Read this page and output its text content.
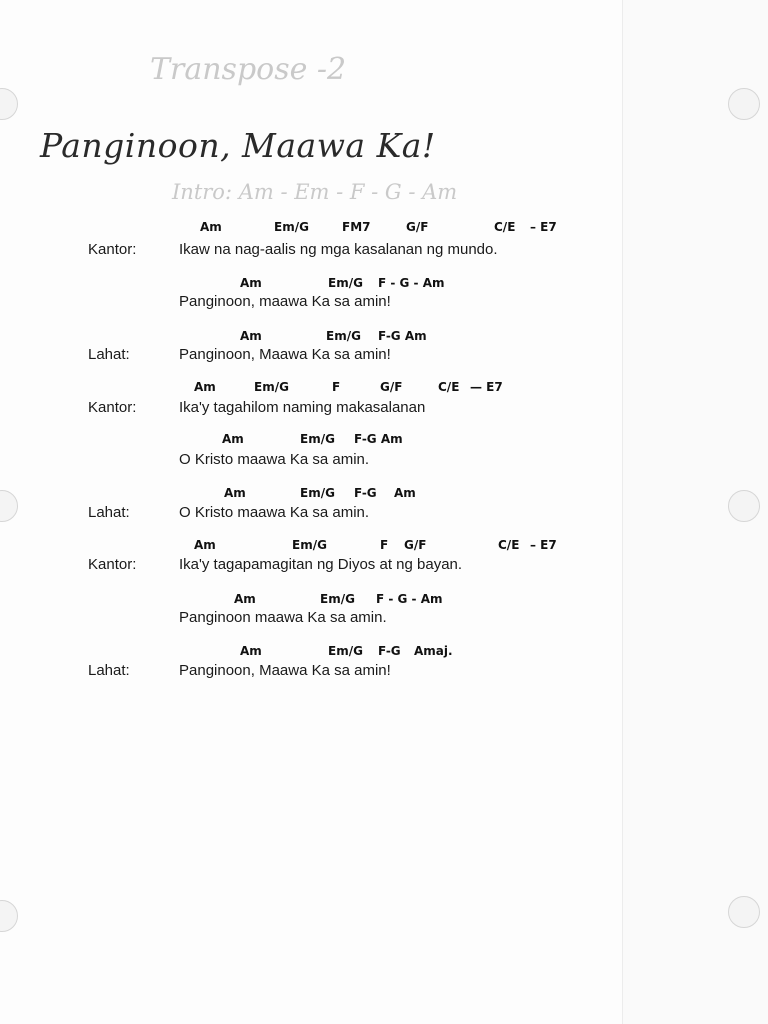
Transpose -2
Panginoon, Maawa Ka!
Intro: Am - Em - F - G - Am
Am	Em/G	FM7	G/F	C/E – E7
Kantor:	Ikaw na nag-aalis ng mga kasalanan ng mundo.
Am	Em/G F - G - Am
Panginoon, maawa Ka sa amin!
Am	Em/G F-G Am
Lahat:	Panginoon, Maawa Ka sa amin!
Am	Em/G	F	G/F	C/E — E7
Kantor:	Ika'y tagahilom naming makasalanan
Am	Em/G F-G Am
O Kristo maawa Ka sa amin.
Am	Em/G F-G Am
Lahat:	O Kristo maawa Ka sa amin.
Am	Em/G	F G/F	C/E – E7
Kantor:	Ika'y tagapamagitan ng Diyos at ng bayan.
Am	Em/G F - G - Am
Panginoon maawa Ka sa amin.
Am	Em/G F-G Amaj.
Lahat:	Panginoon, Maawa Ka sa amin!
